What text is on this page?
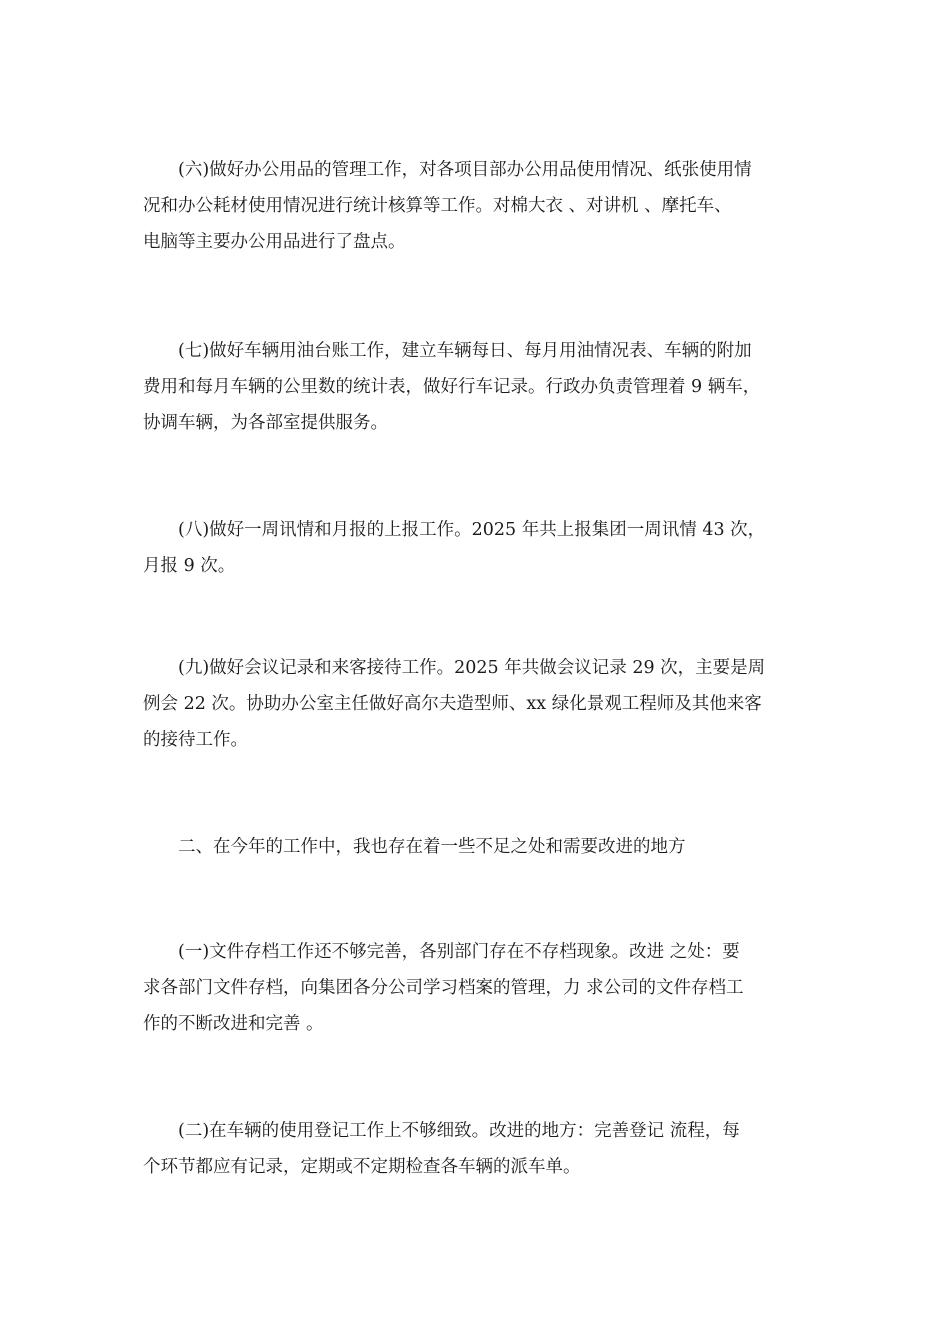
(六)做好办公用品的管理工作，对各项目部办公用品使用情况、纸张使用情
况和办公耗材使用情况进行统计核算等工作。对棉大衣 、对讲机 、摩托车、
电脑等主要办公用品进行了盘点。

(七)做好车辆用油台账工作，建立车辆每日、每月用油情况表、车辆的附加
费用和每月车辆的公里数的统计表，做好行车记录。行政办负责管理着 9 辆车，
协调车辆，为各部室提供服务。

(八)做好一周讯情和月报的上报工作。2025 年共上报集团一周讯情 43 次，
月报 9 次。

(九)做好会议记录和来客接待工作。2025 年共做会议记录 29 次，主要是周
例会 22 次。协助办公室主任做好高尔夫造型师、xx 绿化景观工程师及其他来客
的接待工作。

二、在今年的工作中，我也存在着一些不足之处和需要改进的地方

(一)文件存档工作还不够完善，各别部门存在不存档现象。改进 之处：要
求各部门文件存档，向集团各分公司学习档案的管理，力 求公司的文件存档工
作的不断改进和完善 。

(二)在车辆的使用登记工作上不够细致。改进的地方：完善登记 流程，每
个环节都应有记录，定期或不定期检查各车辆的派车单。
